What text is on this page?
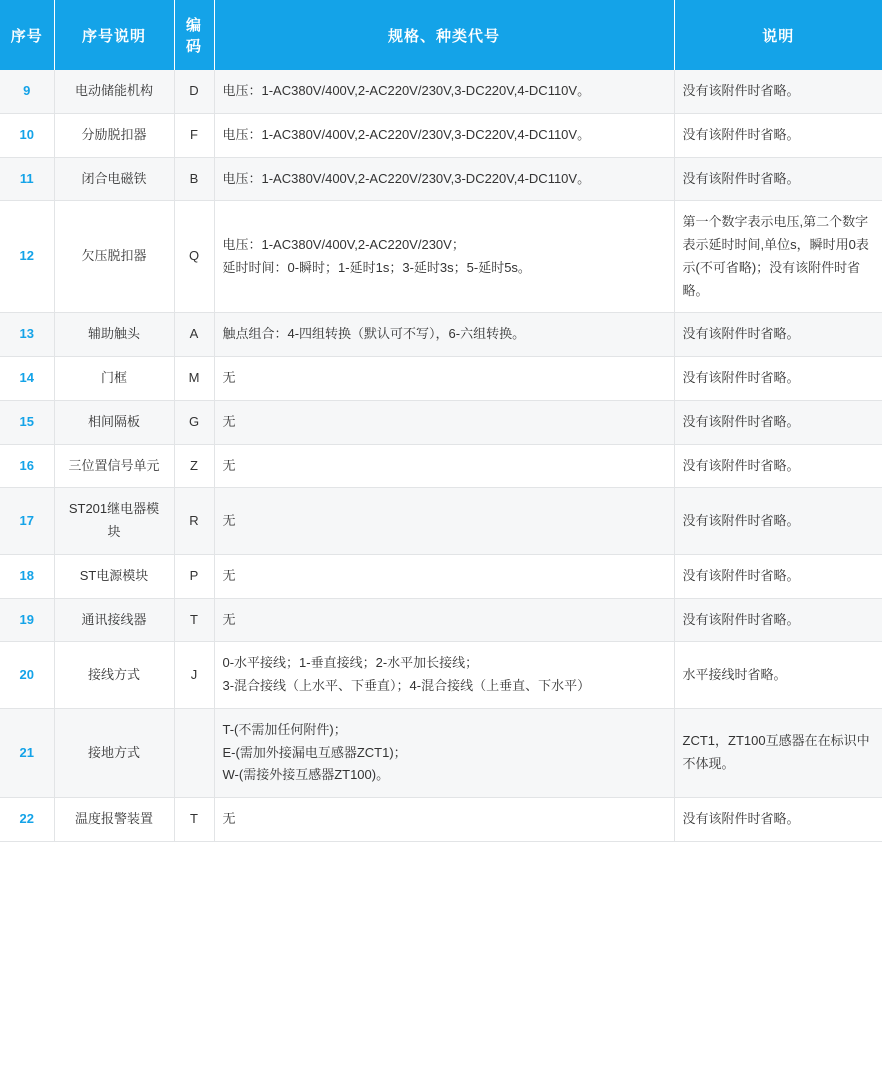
序号	序号说明	编码	规格、种类代号	说明
9	电动储能机构	D	电压：1-AC380V/400V,2-AC220V/230V,3-DC220V,4-DC110V。	没有该附件时省略。

10	分励脱扣器	F	电压：1-AC380V/400V,2-AC220V/230V,3-DC220V,4-DC110V。	没有该附件时省略。

11	闭合电磁铁	B	电压：1-AC380V/400V,2-AC220V/230V,3-DC220V,4-DC110V。	没有该附件时省略。

12	欠压脱扣器	Q	电压：1-AC380V/400V,2-AC220V/230V；
延时时间：0-瞬时；1-延时1s；3-延时3s；5-延时5s。	第一个数字表示电压,第二个数字表示延时时间,单位s，瞬时用0表示(不可省略)；没有该附件时省略。

13	辅助触头	A	触点组合：4-四组转换（默认可不写），6-六组转换。	没有该附件时省略。

14	门框	M	无	没有该附件时省略。

15	相间隔板	G	无	没有该附件时省略。

16	三位置信号单元	Z	无	没有该附件时省略。

17	ST201继电器模块	R	无	没有该附件时省略。

18	ST电源模块	P	无	没有该附件时省略。

19	通讯接线器	T	无	没有该附件时省略。

20	接线方式	J	0-水平接线；1-垂直接线；2-水平加长接线；
3-混合接线（上水平、下垂直）；4-混合接线（上垂直、下水平）	水平接线时省略。

21	接地方式		T-(不需加任何附件)；
E-(需加外接漏电互感器ZCT1)；
W-(需接外接互感器ZT100)。	ZCT1，ZT100互感器在在标识中不体现。

22	温度报警装置	T	无	没有该附件时省略。
